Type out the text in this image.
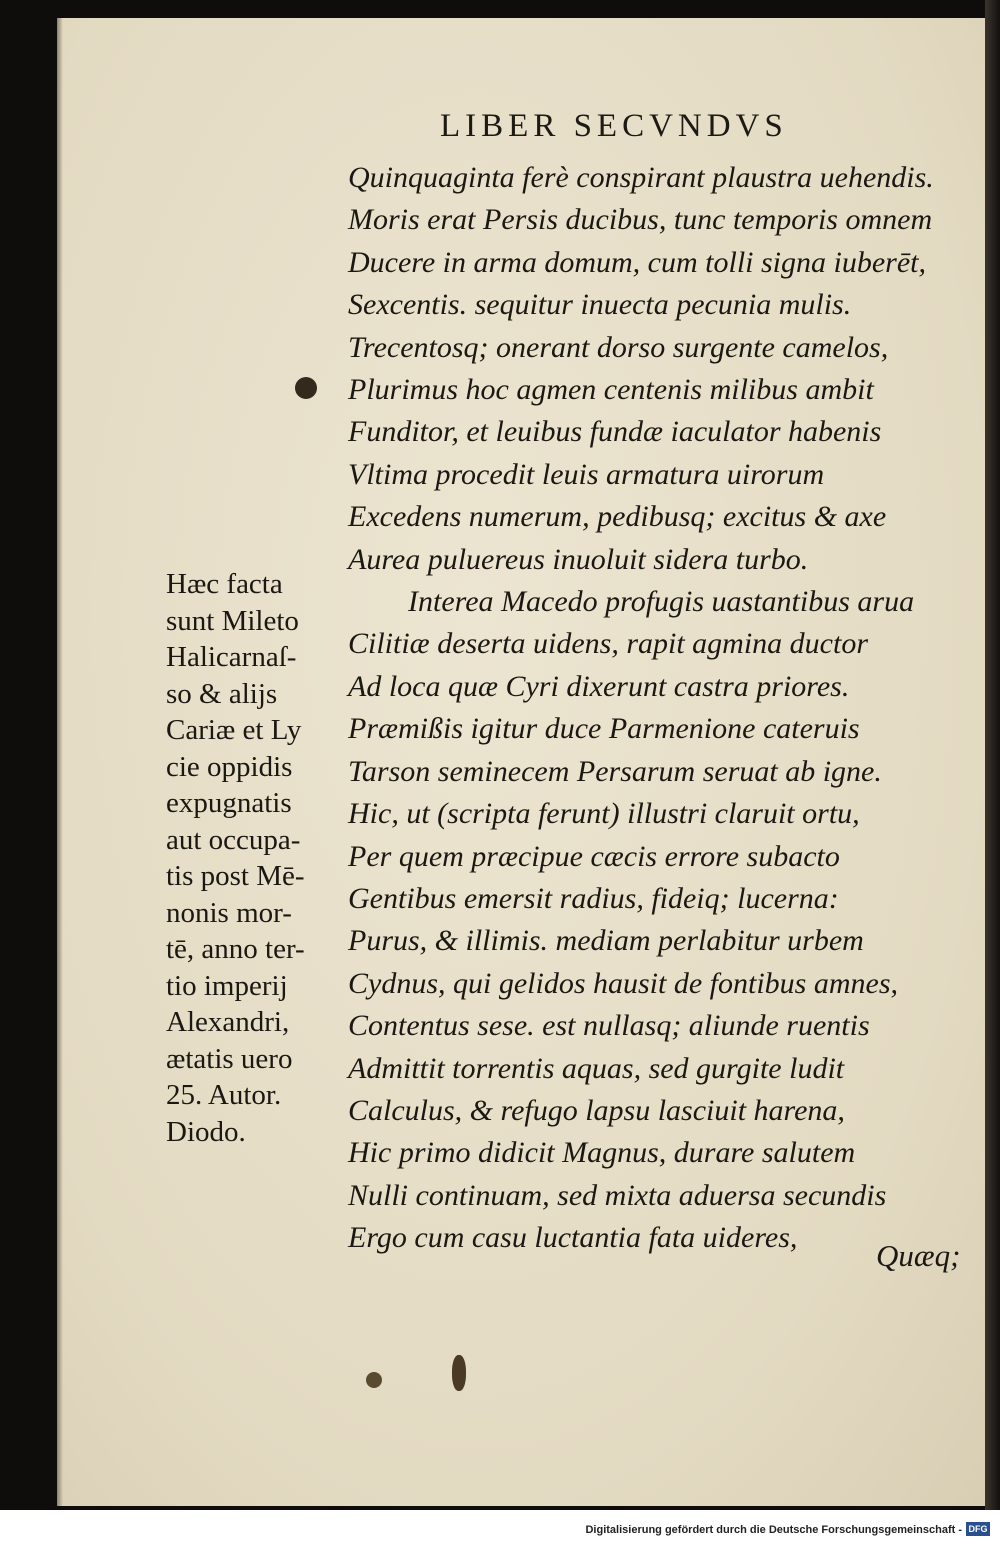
LIBER SECVNDVS
Quinquaginta ferè conspirant plaustra uehendis.
Moris erat Persis ducibus, tunc temporis omnem
Ducere in arma domum, cum tolli signa iuberēt,
Sexcentis. sequitur inuecta pecunia mulis.
Trecentosq; onerant dorso surgente camelos,
Plurimus hoc agmen centenis milibus ambit
Funditor, et leuibus fundæ iaculator habenis
Vltima procedit leuis armatura uirorum
Excedens numerum, pedibusq; excitus & axe
Aurea puluereus inuoluit sidera turbo.
Interea Macedo profugis uastantibus arua
Cilitiæ deserta uidens, rapit agmina ductor
Ad loca quæ Cyri dixerunt castra priores.
Præmißis igitur duce Parmenione cateruis
Tarson seminecem Persarum seruat ab igne.
Hic, ut (scripta ferunt) illustri claruit ortu,
Per quem præcipue cæcis errore subacto
Gentibus emersit radius, fideiq; lucerna:
Purus, & illimis. mediam perlabitur urbem
Cydnus, qui gelidos hausit de fontibus amnes,
Contentus sese. est nullasq; aliunde ruentis
Admittit torrentis aquas, sed gurgite ludit
Calculus, & refugo lapsu lasciuit harena,
Hic primo didicit Magnus, durare salutem
Nulli continuam, sed mixta aduersa secundis
Ergo cum casu luctantia fata uideres,
Hæc facta
sunt Mileto
Halicarnaſ-
so & aliјs
Cariæ et Ly
cie oppidis
expugnatis
aut occupa-
tis post Mē-
nonis mor-
tē, anno ter-
tio imperij
Alexandri,
ætatis uero
25. Autor.
Diodo.
Quæq;
Digitalisierung gefördert durch die Deutsche Forschungsgemeinschaft - DFG
